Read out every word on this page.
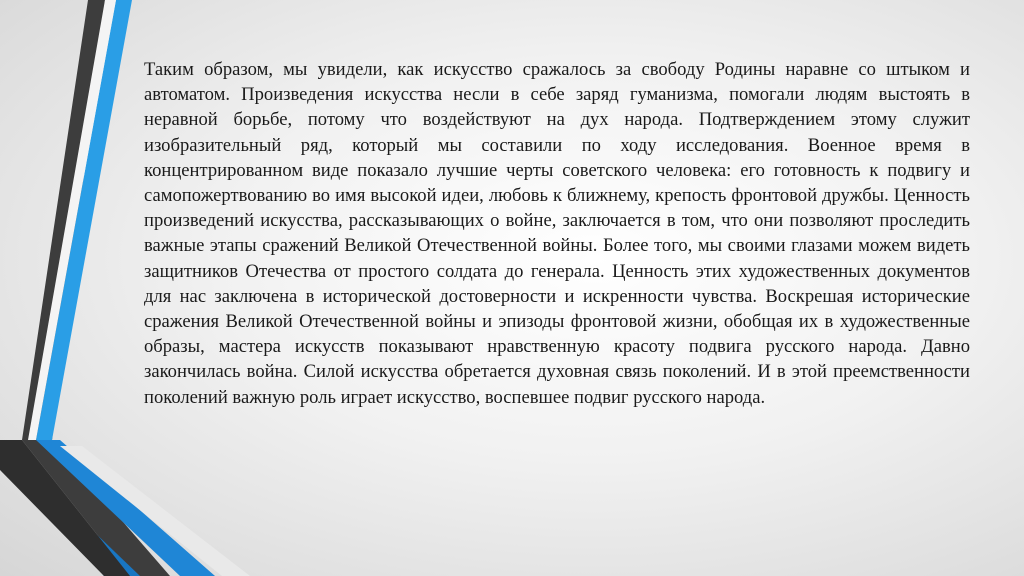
Таким образом, мы увидели, как искусство сражалось за свободу Родины наравне со штыком и автоматом. Произведения искусства несли в себе заряд гуманизма, помогали людям выстоять в неравной борьбе, потому что воздействуют на дух народа. Подтверждением этому служит изобразительный ряд, который мы составили по ходу исследования. Военное время в концентрированном виде показало лучшие черты советского человека: его готовность к подвигу и самопожертвованию во имя высокой идеи, любовь к ближнему, крепость фронтовой дружбы. Ценность произведений искусства, рассказывающих о войне, заключается в том, что они позволяют проследить важные этапы сражений Великой Отечественной войны. Более того, мы своими глазами можем видеть защитников Отечества от простого солдата до генерала. Ценность этих художественных документов для нас заключена в исторической достоверности и искренности чувства. Воскрешая исторические сражения Великой Отечественной войны и эпизоды фронтовой жизни, обобщая их в художественные образы, мастера искусств показывают нравственную красоту подвига русского народа. Давно закончилась война. Силой искусства обретается духовная связь поколений. И в этой преемственности поколений важную роль играет искусство, воспевшее подвиг русского народа.
